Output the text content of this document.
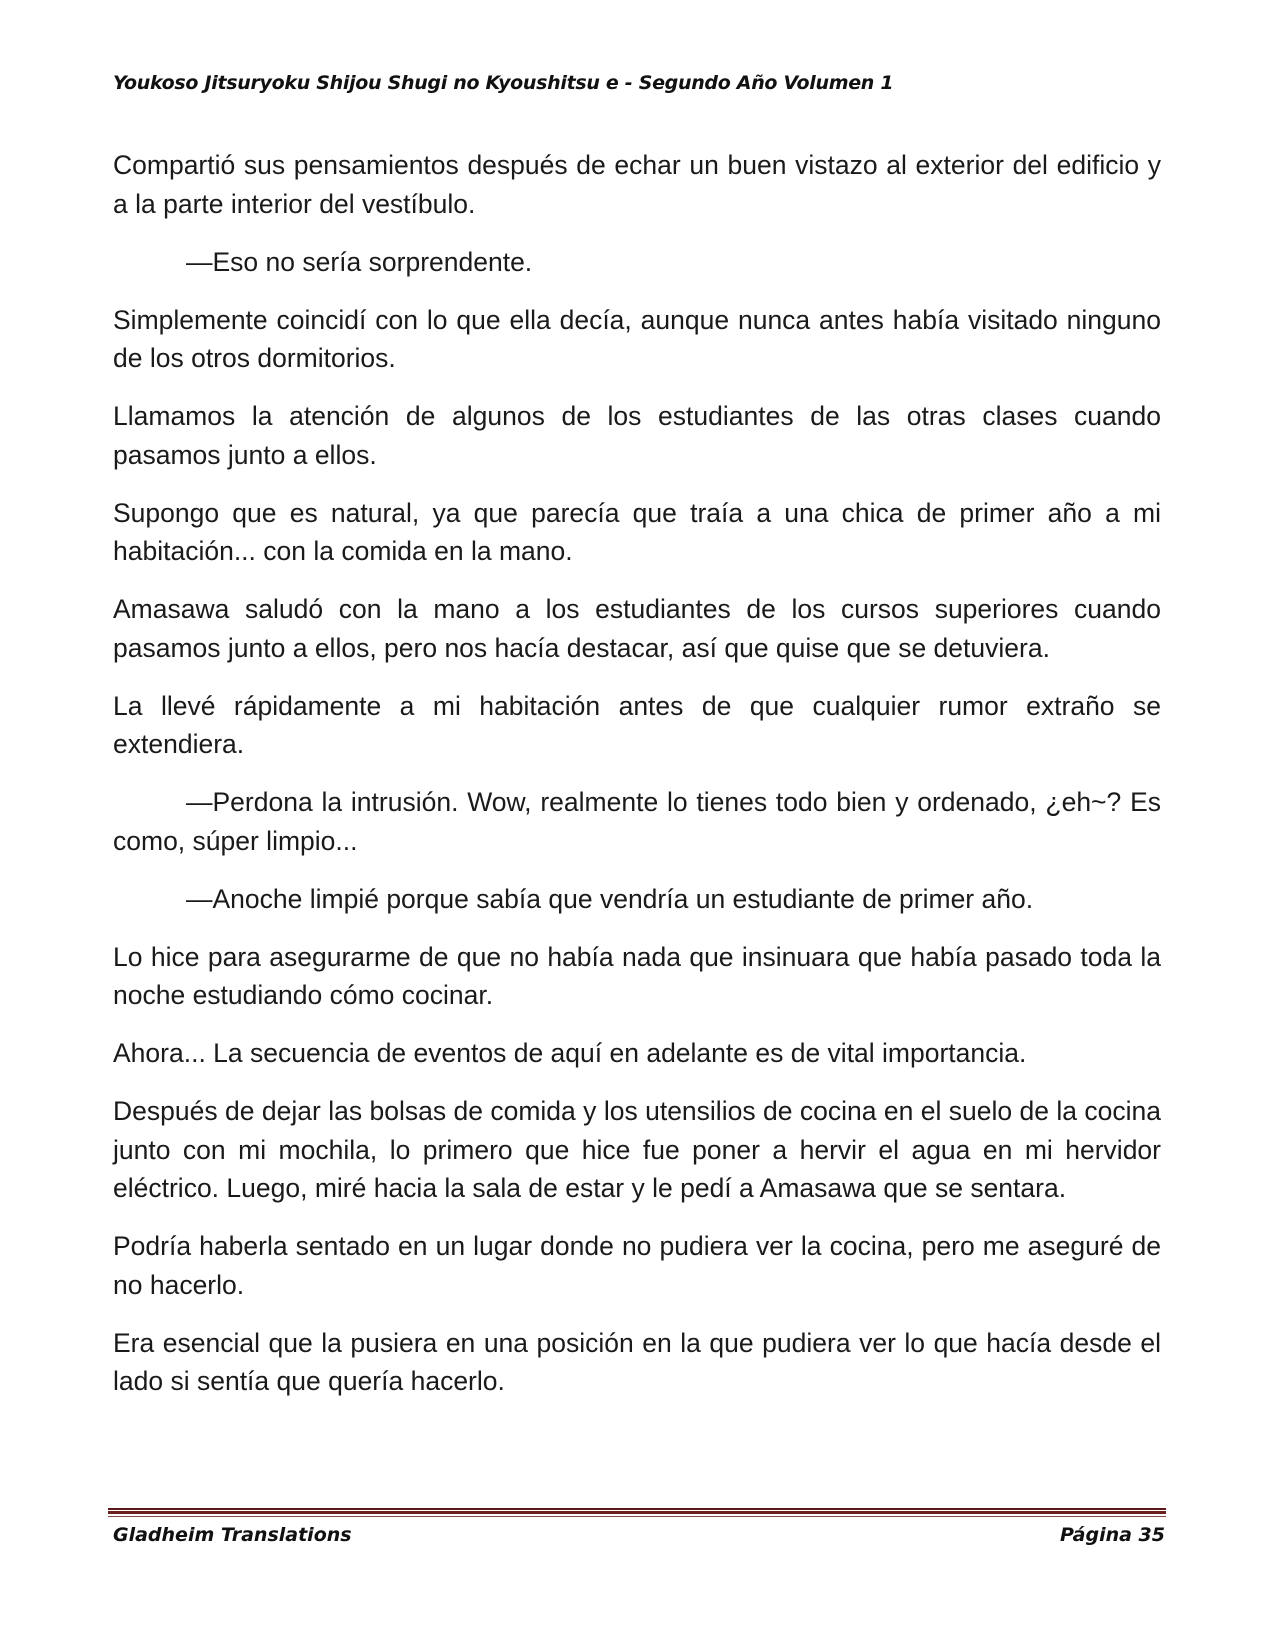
Youkoso Jitsuryoku Shijou Shugi no Kyoushitsu e - Segundo Año Volumen 1

Compartió sus pensamientos después de echar un buen vistazo al exterior del edificio y a la parte interior del vestíbulo.

—Eso no sería sorprendente.

Simplemente coincidí con lo que ella decía, aunque nunca antes había visitado ninguno de los otros dormitorios.

Llamamos la atención de algunos de los estudiantes de las otras clases cuando pasamos junto a ellos.

Supongo que es natural, ya que parecía que traía a una chica de primer año a mi habitación... con la comida en la mano.

Amasawa saludó con la mano a los estudiantes de los cursos superiores cuando pasamos junto a ellos, pero nos hacía destacar, así que quise que se detuviera.

La llevé rápidamente a mi habitación antes de que cualquier rumor extraño se extendiera.

—Perdona la intrusión. Wow, realmente lo tienes todo bien y ordenado, ¿eh~? Es como, súper limpio...

—Anoche limpié porque sabía que vendría un estudiante de primer año.

Lo hice para asegurarme de que no había nada que insinuara que había pasado toda la noche estudiando cómo cocinar.

Ahora... La secuencia de eventos de aquí en adelante es de vital importancia.

Después de dejar las bolsas de comida y los utensilios de cocina en el suelo de la cocina junto con mi mochila, lo primero que hice fue poner a hervir el agua en mi hervidor eléctrico. Luego, miré hacia la sala de estar y le pedí a Amasawa que se sentara.

Podría haberla sentado en un lugar donde no pudiera ver la cocina, pero me aseguré de no hacerlo.

Era esencial que la pusiera en una posición en la que pudiera ver lo que hacía desde el lado si sentía que quería hacerlo.

Gladheim Translations	Página 35
